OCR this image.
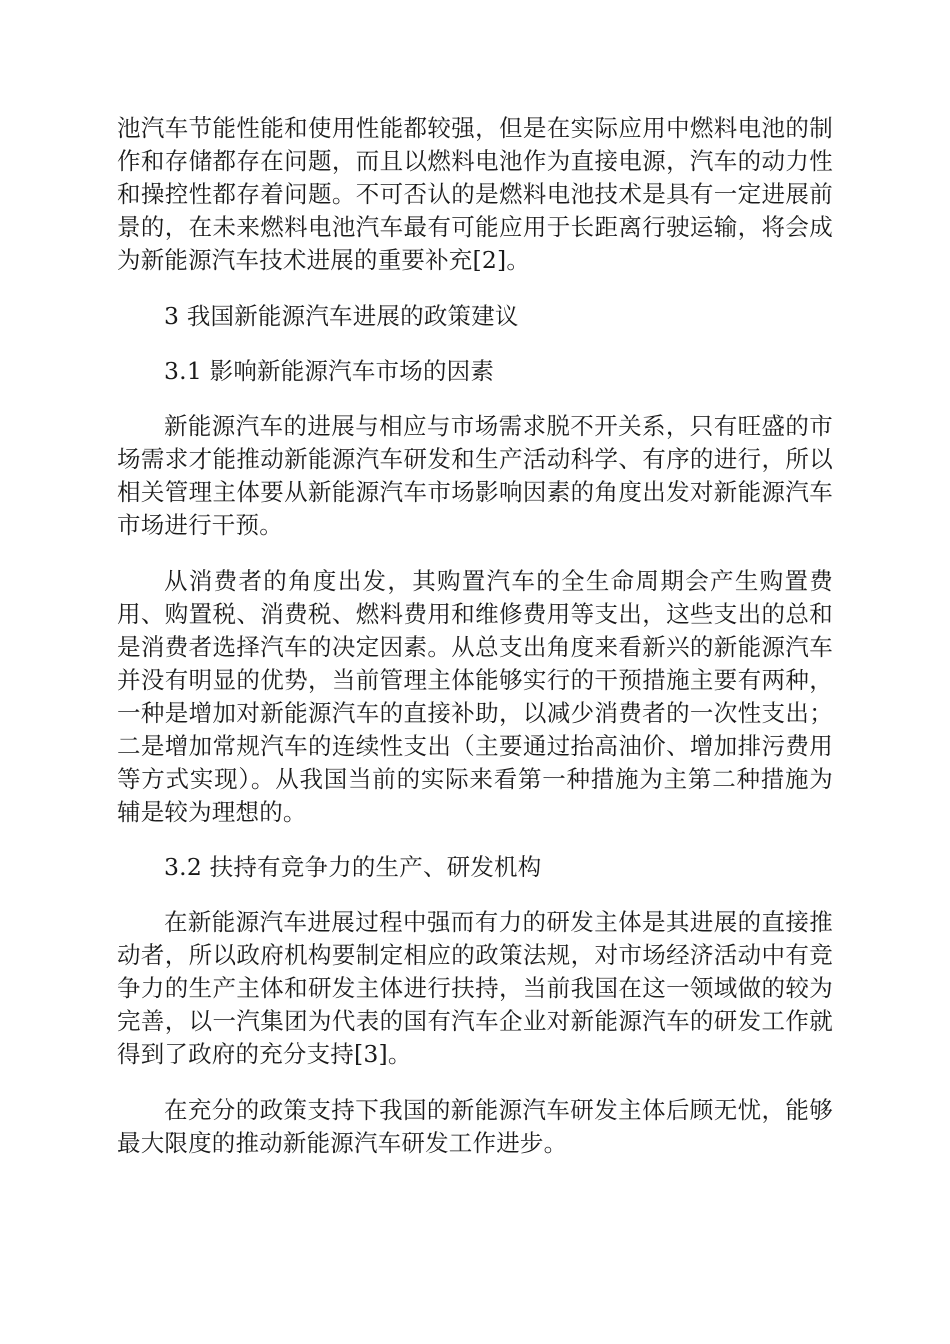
池汽车节能性能和使用性能都较强，但是在实际应用中燃料电池的制作和存储都存在问题，而且以燃料电池作为直接电源，汽车的动力性和操控性都存着问题。不可否认的是燃料电池技术是具有一定进展前景的，在未来燃料电池汽车最有可能应用于长距离行驶运输，将会成为新能源汽车技术进展的重要补充[2]。

3 我国新能源汽车进展的政策建议

3.1 影响新能源汽车市场的因素

新能源汽车的进展与相应与市场需求脱不开关系，只有旺盛的市场需求才能推动新能源汽车研发和生产活动科学、有序的进行，所以相关管理主体要从新能源汽车市场影响因素的角度出发对新能源汽车市场进行干预。

从消费者的角度出发，其购置汽车的全生命周期会产生购置费用、购置税、消费税、燃料费用和维修费用等支出，这些支出的总和是消费者选择汽车的决定因素。从总支出角度来看新兴的新能源汽车并没有明显的优势，当前管理主体能够实行的干预措施主要有两种，一种是增加对新能源汽车的直接补助，以减少消费者的一次性支出；二是增加常规汽车的连续性支出（主要通过抬高油价、增加排污费用等方式实现）。从我国当前的实际来看第一种措施为主第二种措施为辅是较为理想的。

3.2 扶持有竞争力的生产、研发机构

在新能源汽车进展过程中强而有力的研发主体是其进展的直接推动者，所以政府机构要制定相应的政策法规，对市场经济活动中有竞争力的生产主体和研发主体进行扶持，当前我国在这一领域做的较为完善，以一汽集团为代表的国有汽车企业对新能源汽车的研发工作就得到了政府的充分支持[3]。

在充分的政策支持下我国的新能源汽车研发主体后顾无忧，能够最大限度的推动新能源汽车研发工作进步。
